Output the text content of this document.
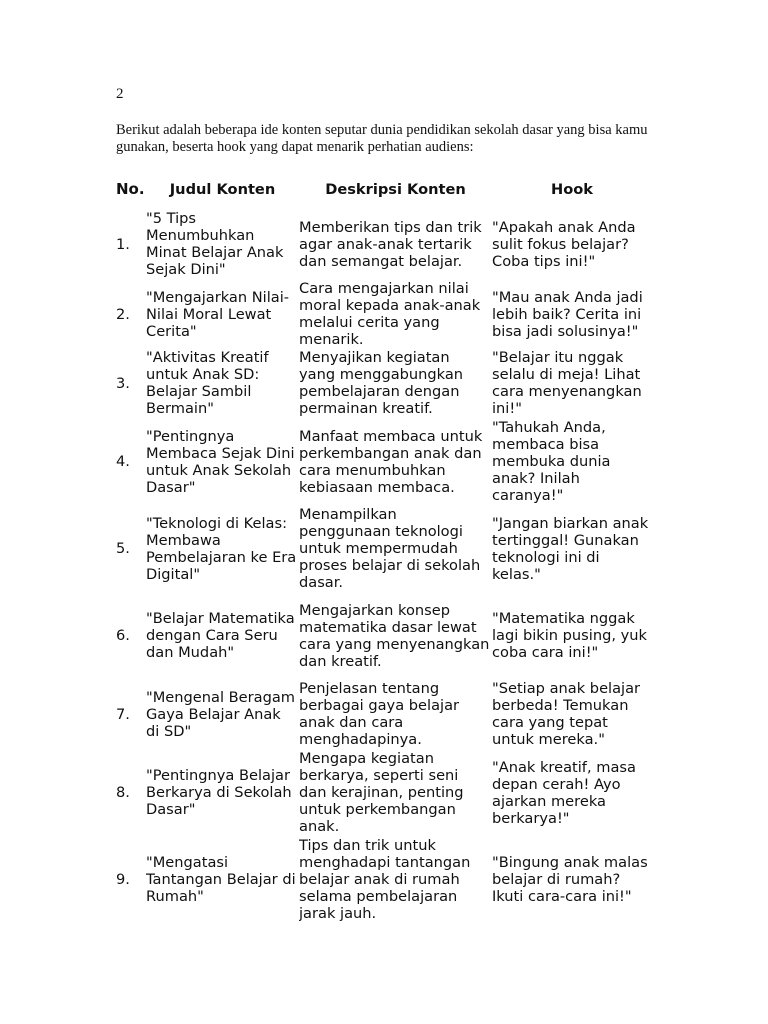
2

Berikut adalah beberapa ide konten seputar dunia pendidikan sekolah dasar yang bisa kamu gunakan, beserta hook yang dapat menarik perhatian audiens:

No.	Judul Konten	Deskripsi Konten	Hook
1.	"5 Tips Menumbuhkan Minat Belajar Anak Sejak Dini"	Memberikan tips dan trik agar anak-anak tertarik dan semangat belajar.	"Apakah anak Anda sulit fokus belajar? Coba tips ini!"
2.	"Mengajarkan Nilai-Nilai Moral Lewat Cerita"	Cara mengajarkan nilai moral kepada anak-anak melalui cerita yang menarik.	"Mau anak Anda jadi lebih baik? Cerita ini bisa jadi solusinya!"
3.	"Aktivitas Kreatif untuk Anak SD: Belajar Sambil Bermain"	Menyajikan kegiatan yang menggabungkan pembelajaran dengan permainan kreatif.	"Belajar itu nggak selalu di meja! Lihat cara menyenangkan ini!"
4.	"Pentingnya Membaca Sejak Dini untuk Anak Sekolah Dasar"	Manfaat membaca untuk perkembangan anak dan cara menumbuhkan kebiasaan membaca.	"Tahukah Anda, membaca bisa membuka dunia anak? Inilah caranya!"
5.	"Teknologi di Kelas: Membawa Pembelajaran ke Era Digital"	Menampilkan penggunaan teknologi untuk mempermudah proses belajar di sekolah dasar.	"Jangan biarkan anak tertinggal! Gunakan teknologi ini di kelas."
6.	"Belajar Matematika dengan Cara Seru dan Mudah"	Mengajarkan konsep matematika dasar lewat cara yang menyenangkan dan kreatif.	"Matematika nggak lagi bikin pusing, yuk coba cara ini!"
7.	"Mengenal Beragam Gaya Belajar Anak di SD"	Penjelasan tentang berbagai gaya belajar anak dan cara menghadapinya.	"Setiap anak belajar berbeda! Temukan cara yang tepat untuk mereka."
8.	"Pentingnya Belajar Berkarya di Sekolah Dasar"	Mengapa kegiatan berkarya, seperti seni dan kerajinan, penting untuk perkembangan anak.	"Anak kreatif, masa depan cerah! Ayo ajarkan mereka berkarya!"
9.	"Mengatasi Tantangan Belajar di Rumah"	Tips dan trik untuk menghadapi tantangan belajar anak di rumah selama pembelajaran jarak jauh.	"Bingung anak malas belajar di rumah? Ikuti cara-cara ini!"
